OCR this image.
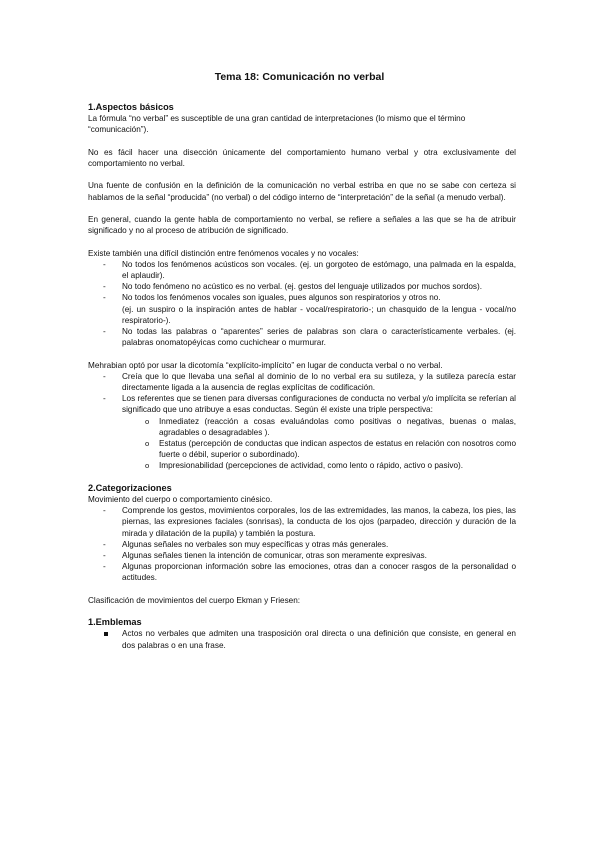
Tema 18: Comunicación no verbal

1.Aspectos básicos

La fórmula “no verbal” es susceptible de una gran cantidad de interpretaciones (lo mismo que el término “comunicación”).

No es fácil hacer una disección únicamente del comportamiento humano verbal y otra exclusivamente del comportamiento no verbal.

Una fuente de confusión en la definición de la comunicación no verbal estriba en que no se sabe con certeza si hablamos de la señal “producida” (no verbal) o del código interno de “interpretación” de la señal (a menudo verbal).

En general, cuando la gente habla de comportamiento no verbal, se refiere a señales a las que se ha de atribuir significado y no al proceso de atribución de significado.

Existe también una difícil distinción entre fenómenos vocales y no vocales:

- No todos los fenómenos acústicos son vocales. (ej. un gorgoteo de estómago, una palmada en la espalda, el aplaudir).
- No todo fenómeno no acústico es no verbal. (ej. gestos del lenguaje utilizados por muchos sordos).
- No todos los fenómenos vocales son iguales, pues algunos son respiratorios y otros no.
(ej. un suspiro o la inspiración antes de hablar - vocal/respiratorio-; un chasquido de la lengua - vocal/no respiratorio-).
- No todas las palabras o “aparentes” series de palabras son clara o característicamente verbales. (ej. palabras onomatopéyicas como cuchichear o murmurar.

Mehrabian optó por usar la dicotomía “explícito-implícito” en lugar de conducta verbal o no verbal.

- Creía que lo que llevaba una señal al dominio de lo no verbal era su sutileza, y la sutileza parecía estar directamente ligada a la ausencia de reglas explícitas de codificación.
- Los referentes que se tienen para diversas configuraciones de conducta no verbal y/o implícita se referían al significado que uno atribuye a esas conductas. Según él existe una triple perspectiva:
o Inmediatez (reacción a cosas evaluándolas como positivas o negativas, buenas o malas, agradables o desagradables ).
o Estatus (percepción de conductas que indican aspectos de estatus en relación con nosotros como fuerte o débil, superior o subordinado).
o Impresionabilidad (percepciones de actividad, como lento o rápido, activo o pasivo).

2.Categorizaciones

Movimiento del cuerpo o comportamiento cinésico.

- Comprende los gestos, movimientos corporales, los de las extremidades, las manos, la cabeza, los pies, las piernas, las expresiones faciales (sonrisas), la conducta de los ojos (parpadeo, dirección y duración de la mirada y dilatación de la pupila) y también la postura.
- Algunas señales no verbales son muy específicas y otras más generales.
- Algunas señales tienen la intención de comunicar, otras son meramente expresivas.
- Algunas proporcionan información sobre las emociones, otras dan a conocer rasgos de la personalidad o actitudes.

Clasificación de movimientos del cuerpo Ekman y Friesen:

1.Emblemas

Actos no verbales que admiten una trasposición oral directa o una definición que consiste, en general en dos palabras o en una frase.
